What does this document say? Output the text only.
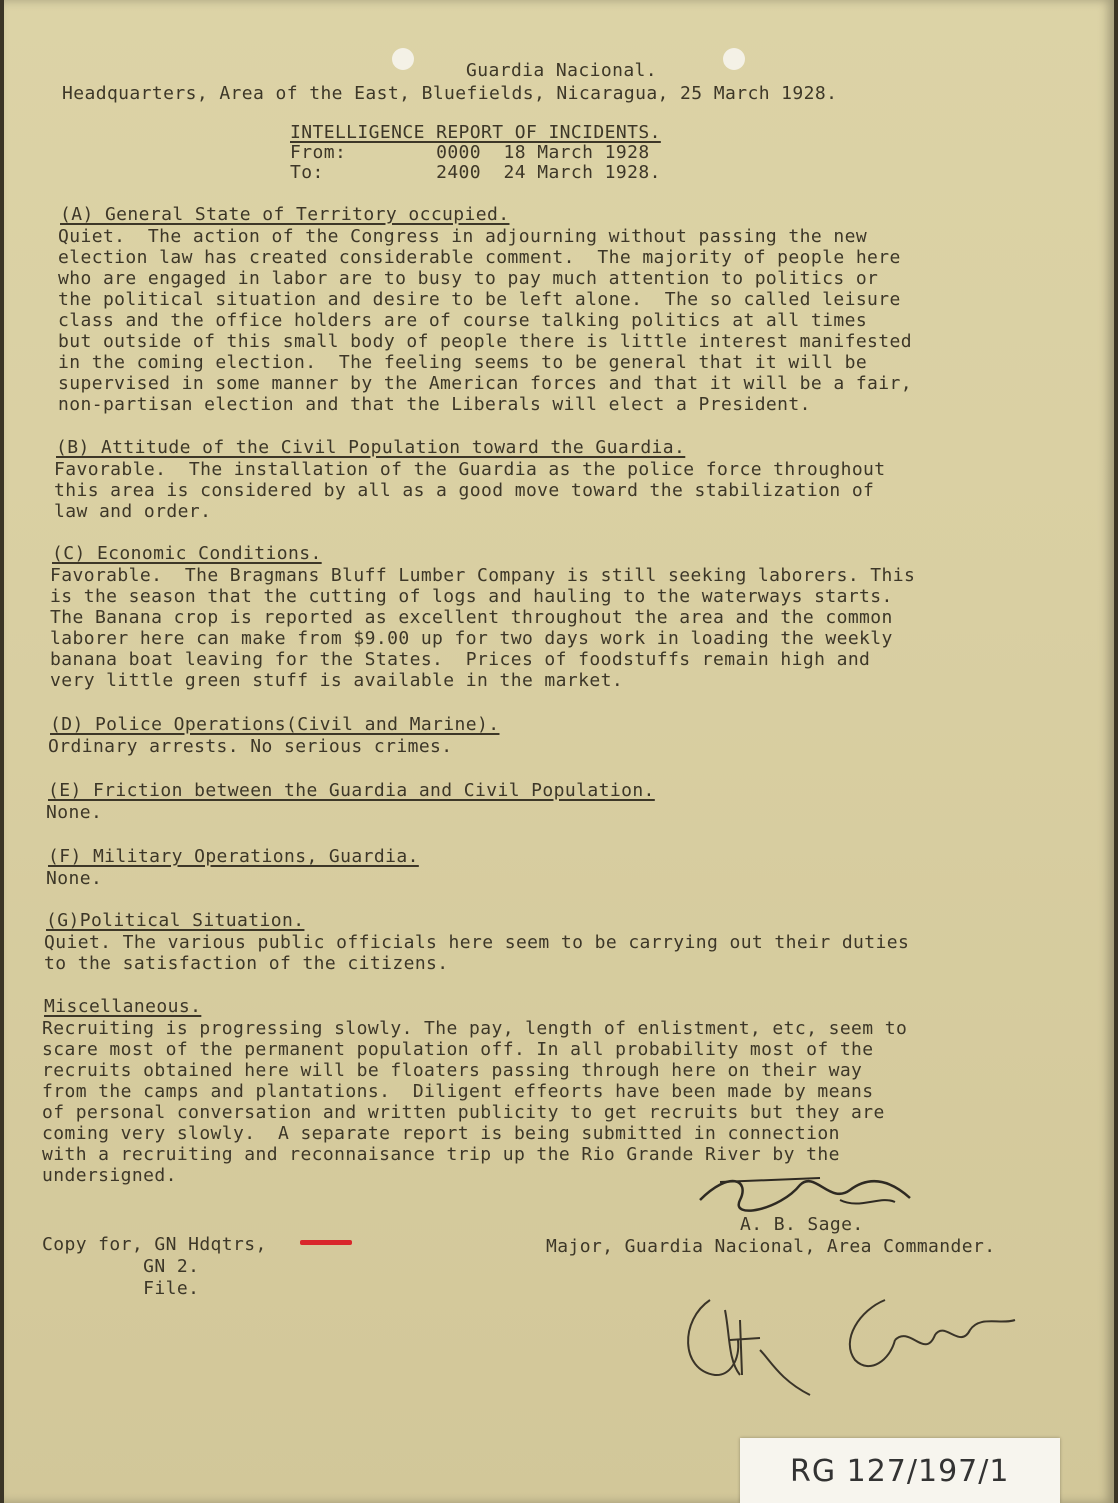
Guardia Nacional.
Headquarters, Area of the East, Bluefields, Nicaragua, 25 March 1928.
INTELLIGENCE REPORT OF INCIDENTS.
From:        0000  18 March 1928
To:          2400  24 March 1928.
(A) General State of Territory occupied.
Quiet.  The action of the Congress in adjourning without passing the new
election law has created considerable comment.  The majority of people here
who are engaged in labor are to busy to pay much attention to politics or
the political situation and desire to be left alone.  The so called leisure
class and the office holders are of course talking politics at all times
but outside of this small body of people there is little interest manifested
in the coming election.  The feeling seems to be general that it will be
supervised in some manner by the American forces and that it will be a fair,
non-partisan election and that the Liberals will elect a President.
(B) Attitude of the Civil Population toward the Guardia.
Favorable.  The installation of the Guardia as the police force throughout
this area is considered by all as a good move toward the stabilization of
law and order.
(C) Economic Conditions.
Favorable.  The Bragmans Bluff Lumber Company is still seeking laborers. This
is the season that the cutting of logs and hauling to the waterways starts.
The Banana crop is reported as excellent throughout the area and the common
laborer here can make from $9.00 up for two days work in loading the weekly
banana boat leaving for the States.  Prices of foodstuffs remain high and
very little green stuff is available in the market.
(D) Police Operations(Civil and Marine).
Ordinary arrests. No serious crimes.
(E) Friction between the Guardia and Civil Population.
None.
(F) Military Operations, Guardia.
None.
(G)Political Situation.
Quiet. The various public officials here seem to be carrying out their duties
to the satisfaction of the citizens.
Miscellaneous.
Recruiting is progressing slowly. The pay, length of enlistment, etc, seem to
scare most of the permanent population off. In all probability most of the
recruits obtained here will be floaters passing through here on their way
from the camps and plantations.  Diligent effeorts have been made by means
of personal conversation and written publicity to get recruits but they are
coming very slowly.  A separate report is being submitted in connection
with a recruiting and reconnaisance trip up the Rio Grande River by the
undersigned.
A. B. Sage.
Major, Guardia Nacional, Area Commander.
Copy for, GN Hdqtrs,
GN 2.
File.
RG 127/197/1
